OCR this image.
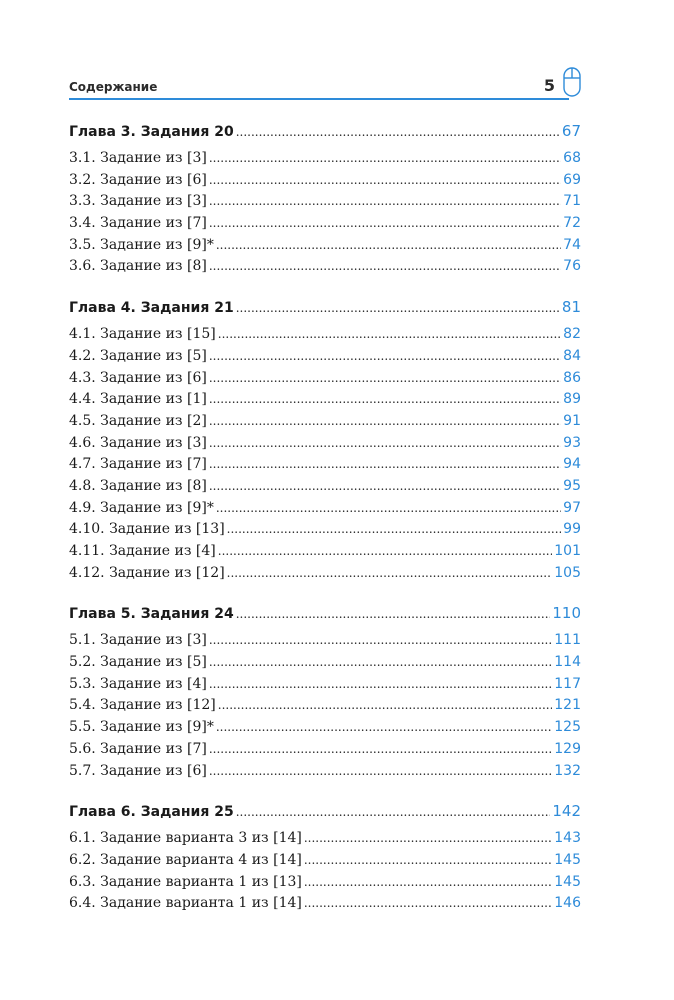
Содержание	5
Глава 3. Задания 20 .....	67
3.1. Задание из [3] .....	68
3.2. Задание из [6] .....	69
3.3. Задание из [3] .....	71
3.4. Задание из [7] .....	72
3.5. Задание из [9]* .....	74
3.6. Задание из [8] .....	76
Глава 4. Задания 21 .....	81
4.1. Задание из [15] .....	82
4.2. Задание из [5] .....	84
4.3. Задание из [6] .....	86
4.4. Задание из [1] .....	89
4.5. Задание из [2] .....	91
4.6. Задание из [3] .....	93
4.7. Задание из [7] .....	94
4.8. Задание из [8] .....	95
4.9. Задание из [9]* .....	97
4.10. Задание из [13] .....	99
4.11. Задание из [4] .....	101
4.12. Задание из [12] .....	105
Глава 5. Задания 24 .....	110
5.1. Задание из [3] .....	111
5.2. Задание из [5] .....	114
5.3. Задание из [4] .....	117
5.4. Задание из [12] .....	121
5.5. Задание из [9]* .....	125
5.6. Задание из [7] .....	129
5.7. Задание из [6] .....	132
Глава 6. Задания 25 .....	142
6.1. Задание варианта 3 из [14] .....	143
6.2. Задание варианта 4 из [14] .....	145
6.3. Задание варианта 1 из [13] .....	145
6.4. Задание варианта 1 из [14] .....	146
